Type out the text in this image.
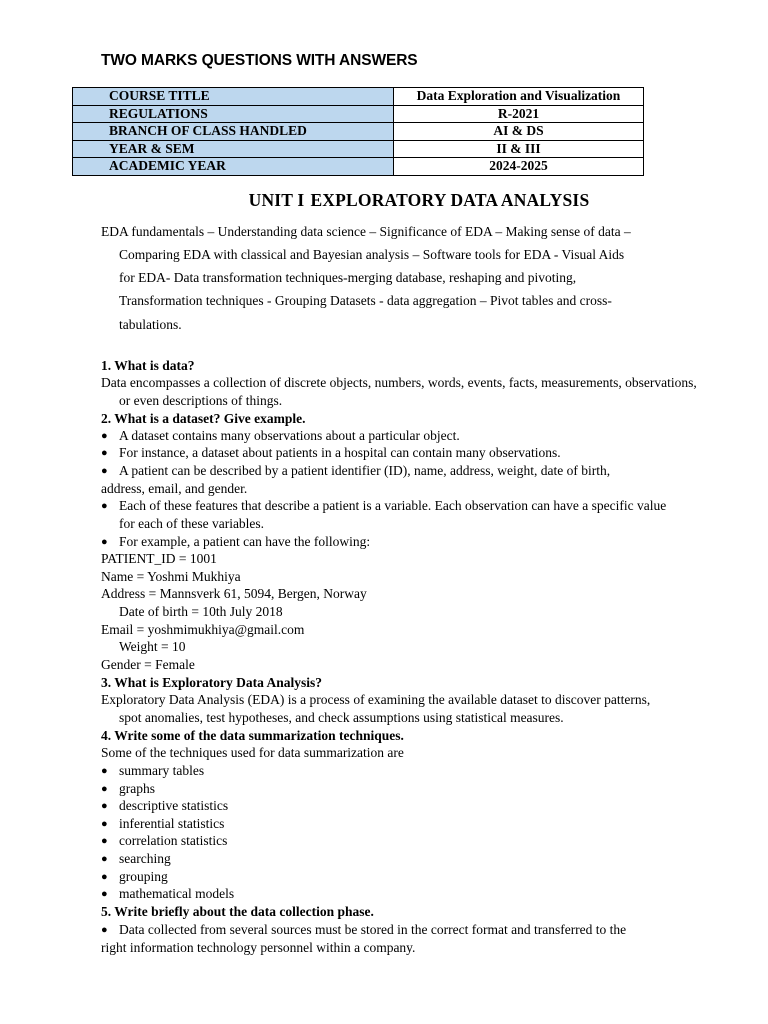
TWO MARKS QUESTIONS WITH ANSWERS
COURSE TITLE	Data Exploration and Visualization
REGULATIONS	R-2021
BRANCH OF CLASS HANDLED	AI & DS
YEAR & SEM	II & III
ACADEMIC YEAR	2024-2025
UNIT I EXPLORATORY DATA ANALYSIS
EDA fundamentals – Understanding data science – Significance of EDA – Making sense of data –
Comparing EDA with classical and Bayesian analysis – Software tools for EDA - Visual Aids
for EDA- Data transformation techniques-merging database, reshaping and pivoting,
Transformation techniques - Grouping Datasets - data aggregation – Pivot tables and cross-
tabulations.
1. What is data?
Data encompasses a collection of discrete objects, numbers, words, events, facts, measurements, observations,
or even descriptions of things.
2. What is a dataset? Give example.
● A dataset contains many observations about a particular object.
● For instance, a dataset about patients in a hospital can contain many observations.
● A patient can be described by a patient identifier (ID), name, address, weight, date of birth,
address, email, and gender.
● Each of these features that describe a patient is a variable. Each observation can have a specific value
for each of these variables.
● For example, a patient can have the following:
PATIENT_ID = 1001
Name = Yoshmi Mukhiya
Address = Mannsverk 61, 5094, Bergen, Norway
Date of birth = 10th July 2018
Email = yoshmimukhiya@gmail.com
Weight = 10
Gender = Female
3. What is Exploratory Data Analysis?
Exploratory Data Analysis (EDA) is a process of examining the available dataset to discover patterns,
spot anomalies, test hypotheses, and check assumptions using statistical measures.
4. Write some of the data summarization techniques.
Some of the techniques used for data summarization are
● summary tables
● graphs
● descriptive statistics
● inferential statistics
● correlation statistics
● searching
● grouping
● mathematical models
5. Write briefly about the data collection phase.
● Data collected from several sources must be stored in the correct format and transferred to the
right information technology personnel within a company.
